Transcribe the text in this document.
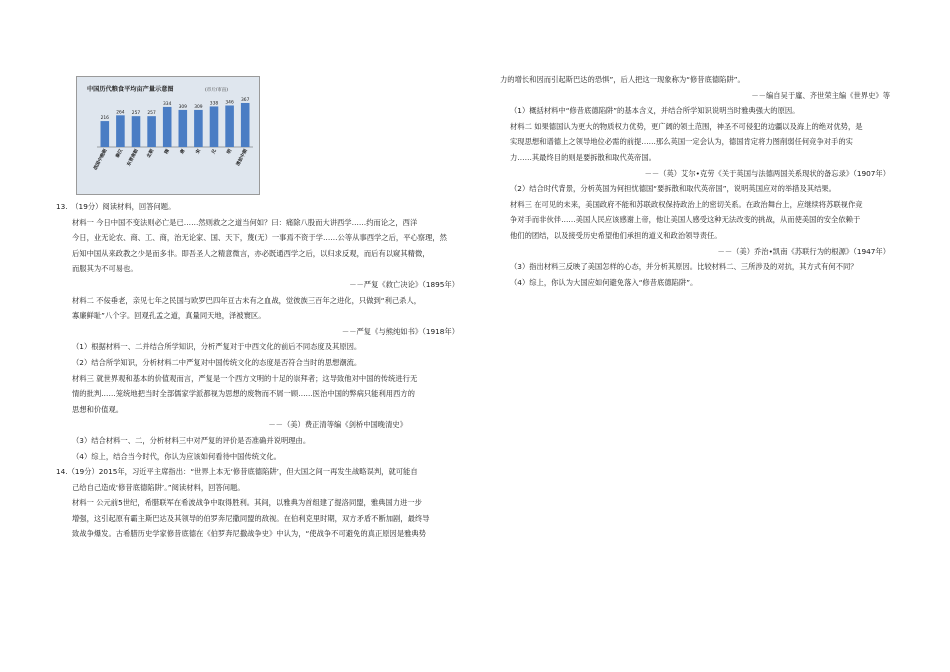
中国历代粮食平均亩产量示意图	(市斤/市亩)
216
战国中晚期
264
秦汉
257
东晋南朝
257
北朝
334
隋
309
唐
309
宋
338
元
346
明
367
清前中期
13.　（19分）阅读材料，回答问题。
材料一 今日中国不变法则必亡是已……然则救之之道当何如？曰：痛除八股而大讲西学……约而论之，西洋
今日，业无论农、商、工、商，治无论家、国、天下，蔑(无）一事焉不资于学……公等从事西学之后，平心察理，然
后知中国从来政教之少是而多非。即吾圣人之精意微言，亦必既通西学之后，以归求反观，而后有以窥其精微，
而服其为不可易也。
－－严复《救亡决论》（1895年）
材料二 不佞垂老，亲见七年之民国与欧罗巴四年亘古未有之血战，觉彼族三百年之进化，只做到“利己杀人，
寡廉鲜耻”八个字。回观孔孟之道，真量同天地，泽被寰区。
－－严复《与熊纯如书》（1918年）
（1）根据材料一、二并结合所学知识，分析严复对于中西文化的前后不同态度及其原因。
（2）结合所学知识，分析材料二中严复对中国传统文化的态度是否符合当时的思想潮流。
材料三 就世界观和基本的价值观而言，严复是一个西方文明的十足的崇拜者；这导致他对中国的传统进行无
情的批判……笼统地把当时全部儒家学派都视为思想的废物而不屑一顾……医治中国的弊病只能利用西方的
思想和价值观。
－－（美）费正清等编《剑桥中国晚清史》
（3）结合材料一、二，分析材料三中对严复的评价是否准确并说明理由。
（4）综上，结合当今时代，你认为应该如何看待中国传统文化。
14.（19分）2015年，习近平主席指出：“世界上本无‘修昔底德陷阱’，但大国之间一再发生战略误判，就可能自
己给自己造成‘修昔底德陷阱’。”阅读材料，回答问题。
材料一 公元前5世纪，希腊联军在希波战争中取得胜利。其间，以雅典为首组建了提洛同盟，雅典国力进一步
增强，这引起原有霸主斯巴达及其领导的伯罗奔尼撒同盟的敌视。在伯利克里时期，双方矛盾不断加剧，最终导
致战争爆发。古希腊历史学家修昔底德在《伯罗奔尼撒战争史》中认为，“使战争不可避免的真正原因是雅典势
力的增长和因而引起斯巴达的恐惧”，后人把这一现象称为“修昔底德陷阱”。
－－编自吴于廑、齐世荣主编《世界史》等
（1）概括材料中“修昔底德陷阱”的基本含义，并结合所学知识说明当时雅典强大的原因。
材料二 如果德国认为更大的物质权力优势，更广阔的领土范围，神圣不可侵犯的边疆以及海上的绝对优势，是
实现思想和谱德上之领导地位必需的前提……那么英国一定会认为，德国肯定将力图削弱任何竞争对手的实
力……其最终目的则是要拆散和取代英帝国。
－－（英）艾尔•克劳《关于英国与法德两国关系现状的备忘录》（1907年）
（2）结合时代背景，分析英国为何担忧德国“要拆散和取代英帝国”，说明英国应对的举措及其结果。
材料三 在可见的未来，美国政府不能和苏联政权保持政治上的密切关系。在政治舞台上，应继续将苏联视作竞
争对手而非伙伴……美国人民应该感谢上帝，他让美国人感受这种无法改变的挑战，从而使美国的安全依赖于
他们的团结，以及接受历史希望他们承担的道义和政治领导责任。
－－（美）乔治•凯南《苏联行为的根源》（1947年）
（3）指出材料三反映了美国怎样的心态，并分析其原因。比较材料二、三所涉及的对抗，其方式有何不同？
（4）综上，你认为大国应如何避免落入“修昔底德陷阱”。
